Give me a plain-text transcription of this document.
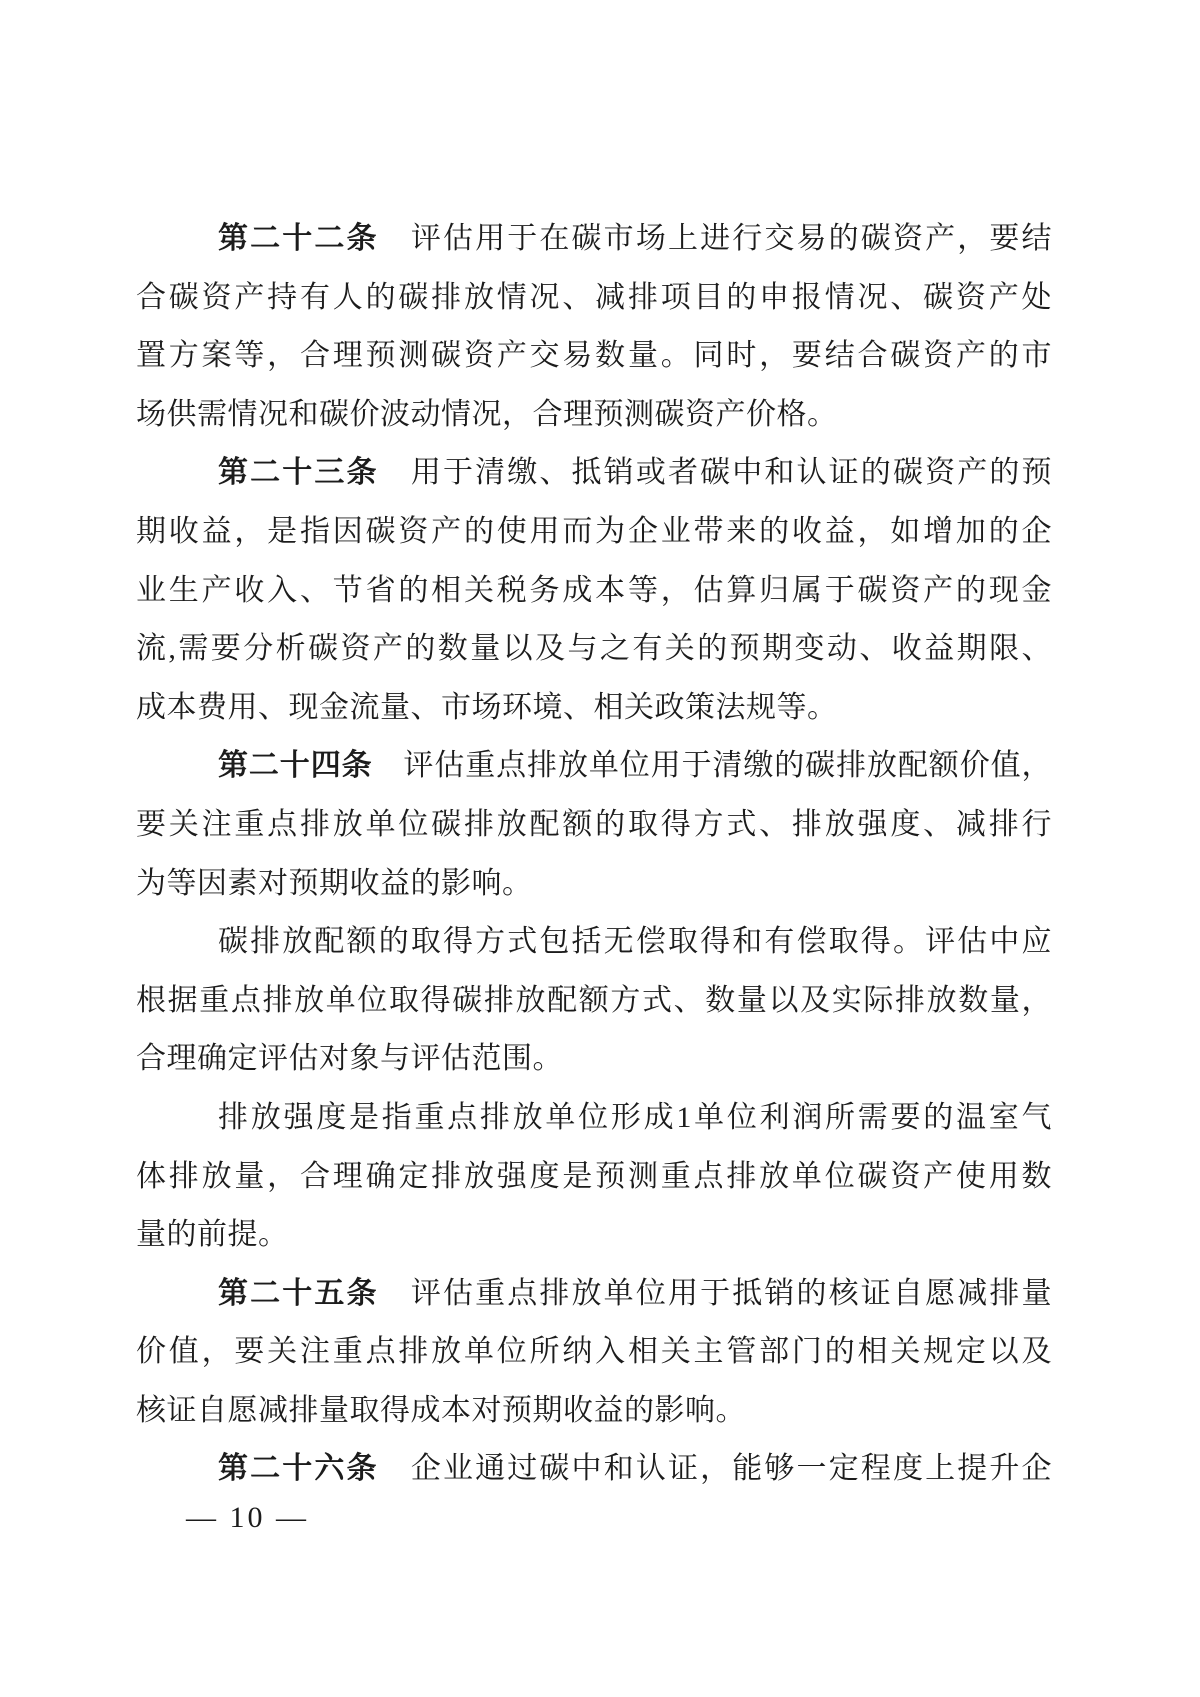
第二十二条　评估用于在碳市场上进行交易的碳资产，要结
合碳资产持有人的碳排放情况、减排项目的申报情况、碳资产处
置方案等，合理预测碳资产交易数量。同时，要结合碳资产的市
场供需情况和碳价波动情况，合理预测碳资产价格。
第二十三条　用于清缴、抵销或者碳中和认证的碳资产的预
期收益，是指因碳资产的使用而为企业带来的收益，如增加的企
业生产收入、节省的相关税务成本等，估算归属于碳资产的现金
流,需要分析碳资产的数量以及与之有关的预期变动、收益期限、
成本费用、现金流量、市场环境、相关政策法规等。
第二十四条　评估重点排放单位用于清缴的碳排放配额价值，
要关注重点排放单位碳排放配额的取得方式、排放强度、减排行
为等因素对预期收益的影响。
碳排放配额的取得方式包括无偿取得和有偿取得。评估中应
根据重点排放单位取得碳排放配额方式、数量以及实际排放数量，
合理确定评估对象与评估范围。
排放强度是指重点排放单位形成1单位利润所需要的温室气
体排放量，合理确定排放强度是预测重点排放单位碳资产使用数
量的前提。
第二十五条　评估重点排放单位用于抵销的核证自愿减排量
价值，要关注重点排放单位所纳入相关主管部门的相关规定以及
核证自愿减排量取得成本对预期收益的影响。
第二十六条　企业通过碳中和认证，能够一定程度上提升企
— 10 —
